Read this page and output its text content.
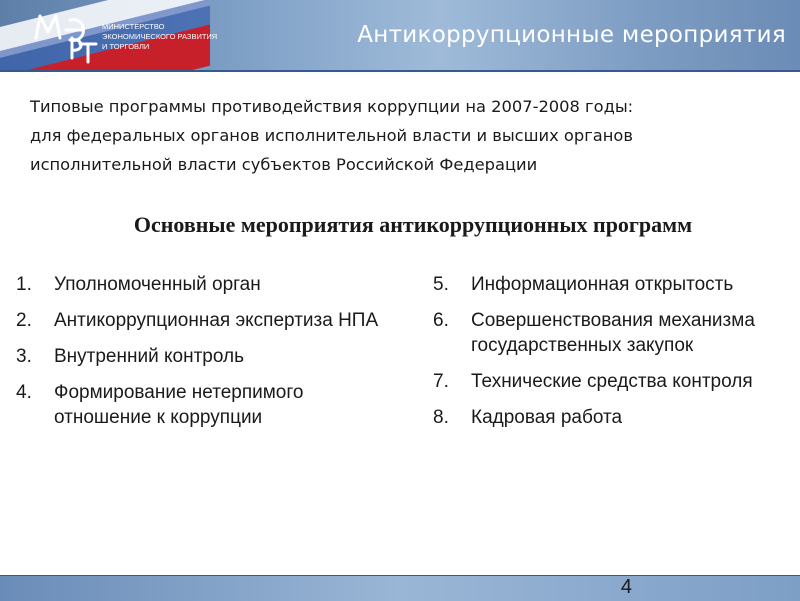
МИНИСТЕРСТВО
ЭКОНОМИЧЕСКОГО РАЗВИТИЯ
И ТОРГОВЛИ	Антикоррупционные мероприятия
Типовые программы противодействия коррупции на 2007-2008 годы:
для федеральных органов исполнительной власти и высших органов
исполнительной власти субъектов Российской Федерации
Основные мероприятия антикоррупционных программ
1. Уполномоченный орган
2. Антикоррупционная экспертиза НПА
3. Внутренний контроль
4. Формирование нетерпимого отношение к коррупции
5. Информационная открытость
6. Совершенствования механизма государственных закупок
7. Технические средства контроля
8. Кадровая работа
4
